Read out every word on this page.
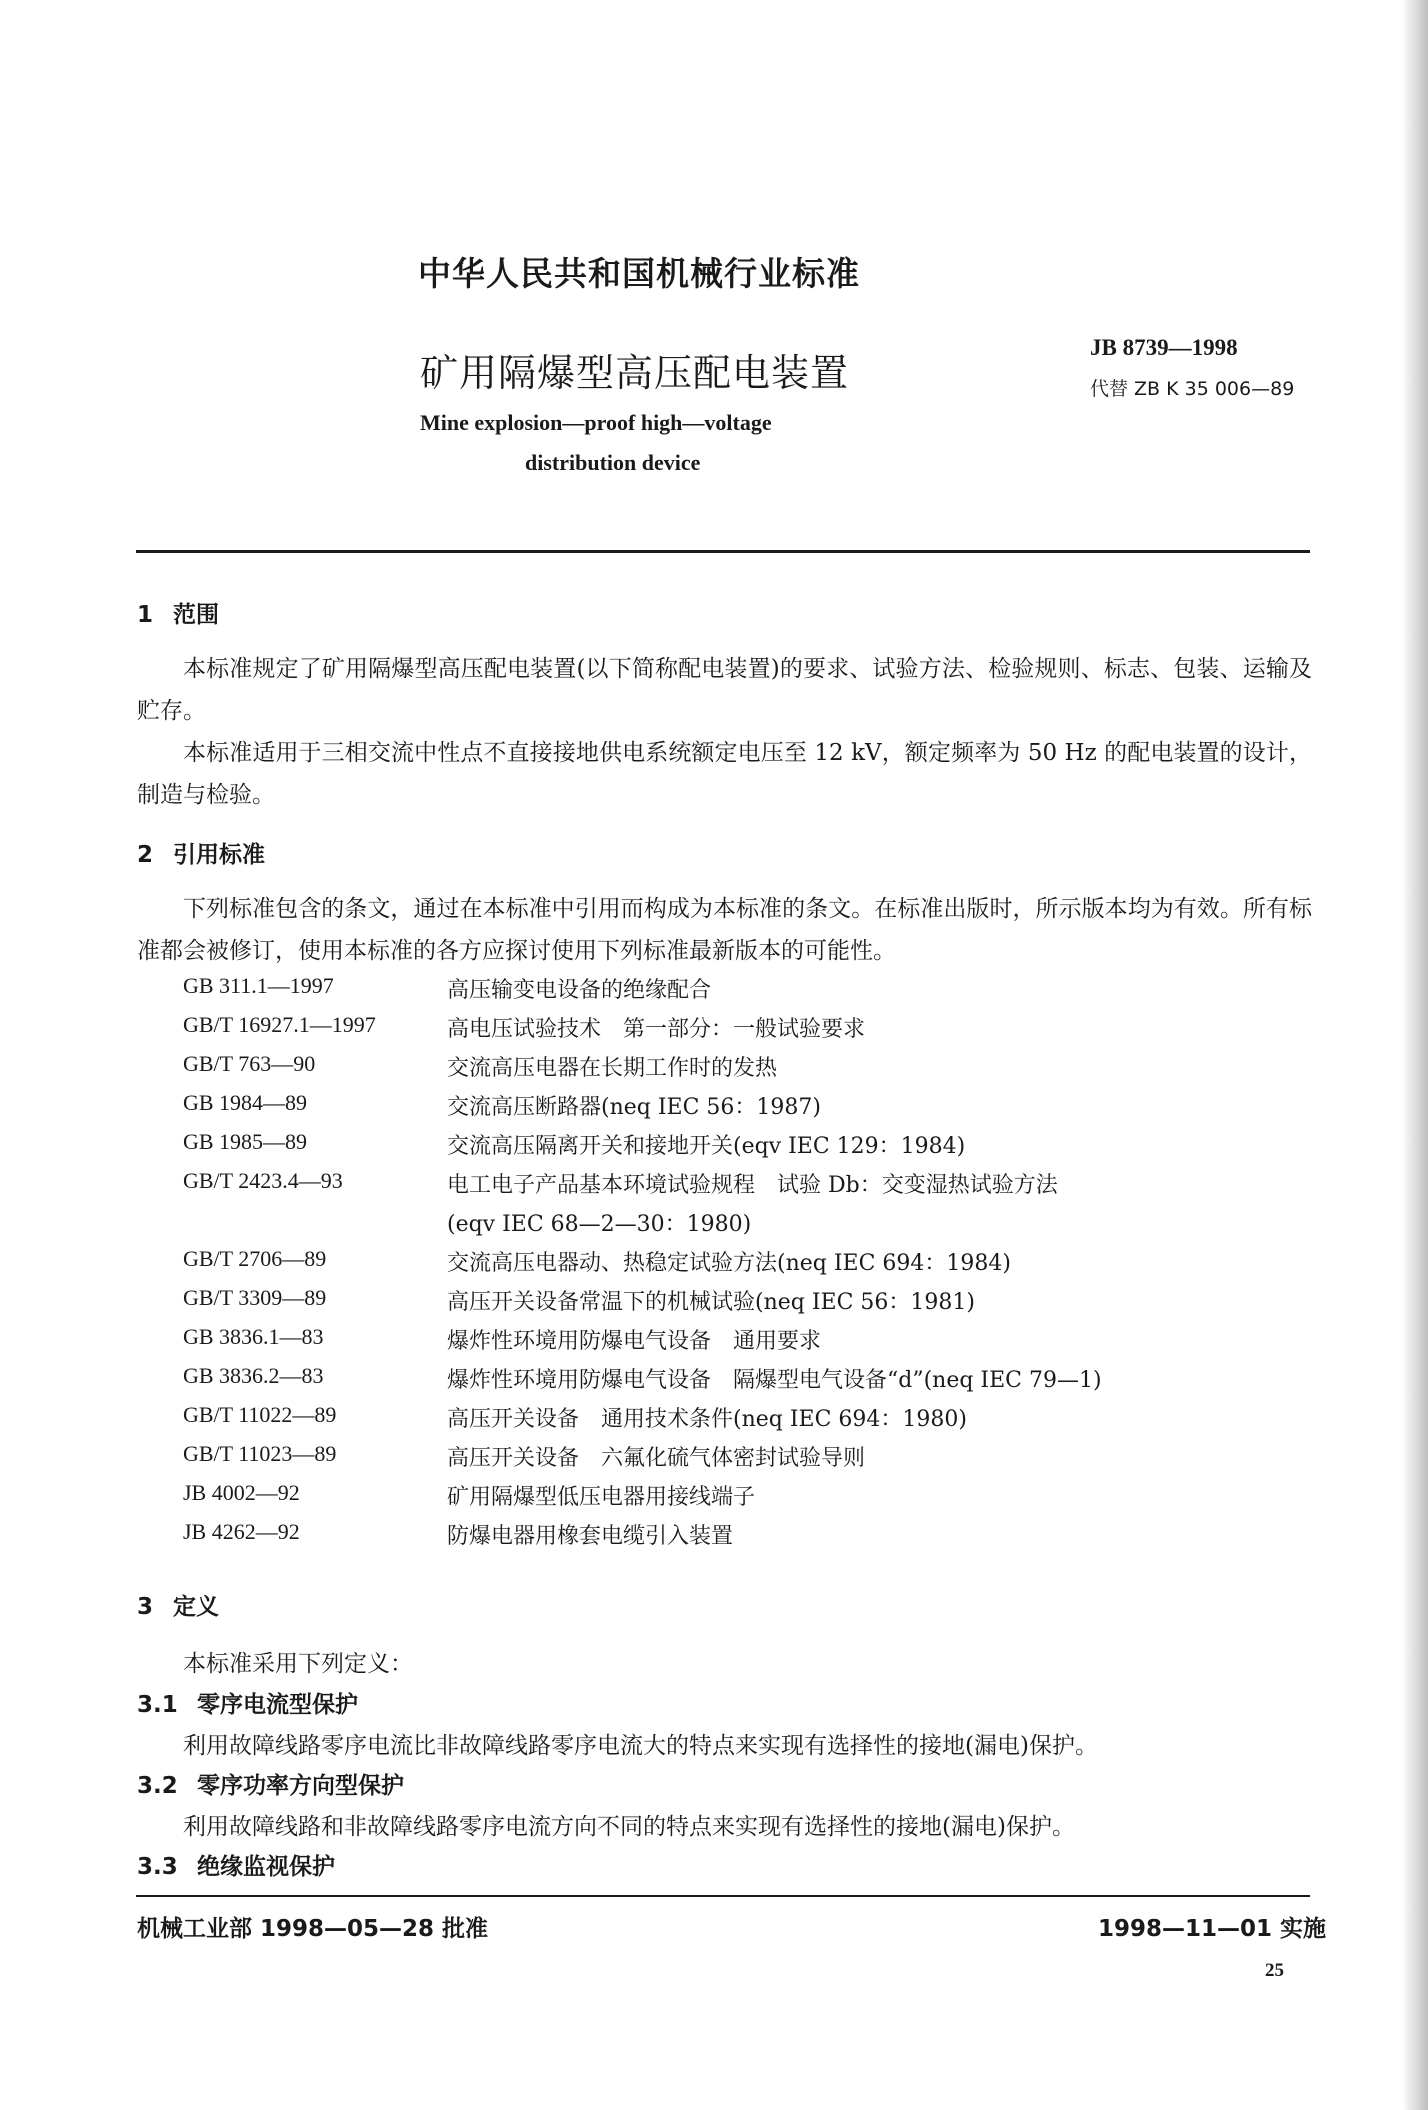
中华人民共和国机械行业标准
矿用隔爆型高压配电装置
Mine explosion—proof high—voltage
distribution device
JB 8739—1998
代替 ZB K 35 006—89
1 范围
本标准规定了矿用隔爆型高压配电装置(以下简称配电装置)的要求、试验方法、检验规则、标志、包装、运输及贮存。
本标准适用于三相交流中性点不直接接地供电系统额定电压至 12 kV，额定频率为 50 Hz 的配电装置的设计，制造与检验。
2 引用标准
下列标准包含的条文，通过在本标准中引用而构成为本标准的条文。在标准出版时，所示版本均为有效。所有标准都会被修订，使用本标准的各方应探讨使用下列标准最新版本的可能性。
GB 311.1—1997	高压输变电设备的绝缘配合
GB/T 16927.1—1997	高电压试验技术　第一部分：一般试验要求
GB/T 763—90	交流高压电器在长期工作时的发热
GB 1984—89	交流高压断路器(neq IEC 56：1987)
GB 1985—89	交流高压隔离开关和接地开关(eqv IEC 129：1984)
GB/T 2423.4—93	电工电子产品基本环境试验规程　试验 Db：交变湿热试验方法
(eqv IEC 68—2—30：1980)
GB/T 2706—89	交流高压电器动、热稳定试验方法(neq IEC 694：1984)
GB/T 3309—89	高压开关设备常温下的机械试验(neq IEC 56：1981)
GB 3836.1—83	爆炸性环境用防爆电气设备　通用要求
GB 3836.2—83	爆炸性环境用防爆电气设备　隔爆型电气设备“d”(neq IEC 79—1)
GB/T 11022—89	高压开关设备　通用技术条件(neq IEC 694：1980)
GB/T 11023—89	高压开关设备　六氟化硫气体密封试验导则
JB 4002—92	矿用隔爆型低压电器用接线端子
JB 4262—92	防爆电器用橡套电缆引入装置
3 定义
本标准采用下列定义：
3.1 零序电流型保护
利用故障线路零序电流比非故障线路零序电流大的特点来实现有选择性的接地(漏电)保护。
3.2 零序功率方向型保护
利用故障线路和非故障线路零序电流方向不同的特点来实现有选择性的接地(漏电)保护。
3.3 绝缘监视保护
机械工业部 1998—05—28 批准	1998—11—01 实施
25
